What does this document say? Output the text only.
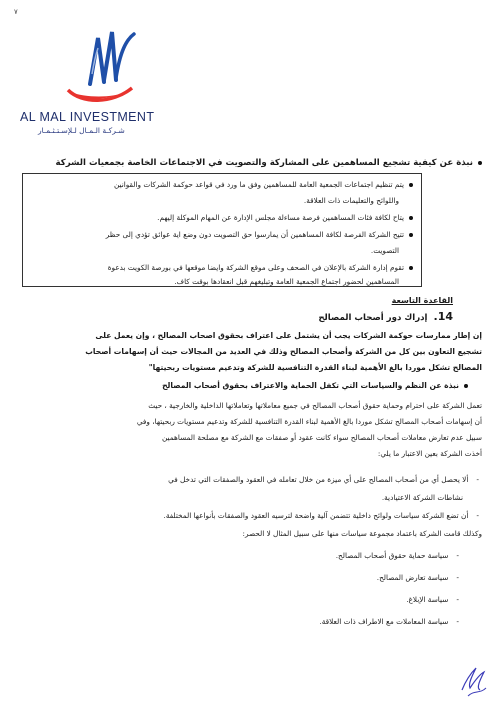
٧
AL MAL INVESTMENT
شـركـة الـمـال لـلإسـتـثـمـار
نبذة عن كيفية تشجيع المساهمين على المشاركة والتصويت في الاجتماعات الخاصة بجمعيات الشركة
يتم تنظيم اجتماعات الجمعية العامة للمساهمين وفق ما ورد في قواعد حوكمة الشركات والقوانين
واللوائح والتعليمات ذات العلاقة.
يتاح لكافة فئات المساهمين فرصة مساءلة مجلس الإدارة عن المهام الموكلة إليهم.
تتيح الشركة الفرصة لكافة المساهمين أن يمارسوا حق التصويت دون وضع اية عوائق تؤدي إلى حظر
التصويت.
تقوم إدارة الشركة بالإعلان في الصحف وعلى موقع الشركة وايضا موقعها في بورصة الكويت بدعوة
المساهمين لحضور اجتماع الجمعية العامة وتبليغهم قبل انعقادها بوقت كاف.
القاعدة التاسعة
14.إدراك دور أصحاب المصالح
إن إطار ممارسات حوكمة الشركات يجب أن يشتمل على اعتراف بحقوق اصحاب المصالح ، وإن يعمل على
تشجيع التعاون بين كل من الشركة وأصحاب المصالح وذلك في العديد من المجالات حيث أن إسهامات أصحاب
المصالح تشكل موردا بالغ الأهمية لبناء القدرة التنافسية للشركة وتدعيم مستويات ربحيتها"
نبذة عن النظم والسياسات التي تكفل الحماية والاعتراف بحقوق أصحاب المصالح
تعمل الشركة على احترام وحماية حقوق أصحاب المصالح في جميع معاملاتها وتعاملاتها الداخلية والخارجية ، حيث
أن إسهامات أصحاب المصالح تشكل موردا بالغ الأهمية لبناء القدرة التنافسية للشركة وتدعيم مستويات ربحيتها، وفي
سبيل عدم تعارض معاملات أصحاب المصالح سواء كانت عقود أو صفقات مع الشركة مع مصلحة المساهمين
أخذت الشركة بعين الاعتبار ما يلي:
-ألا يحصل أي من أصحاب المصالح على أي ميزة من خلال تعامله في العقود والصفقات التي تدخل في
نشاطات الشركة الاعتيادية.
-أن تضع الشركة سياسات ولوائح داخلية تتضمن آلية واضحة لترسيه العقود والصفقات بأنواعها المختلفة.
وكذلك قامت الشركة باعتماد مجموعة سياسات منها على سبيل المثال لا الحصر:
-سياسة حماية حقوق أصحاب المصالح.
-سياسة تعارض المصالح.
-سياسة الإبلاغ.
-سياسة المعاملات مع الاطراف ذات العلاقة.
